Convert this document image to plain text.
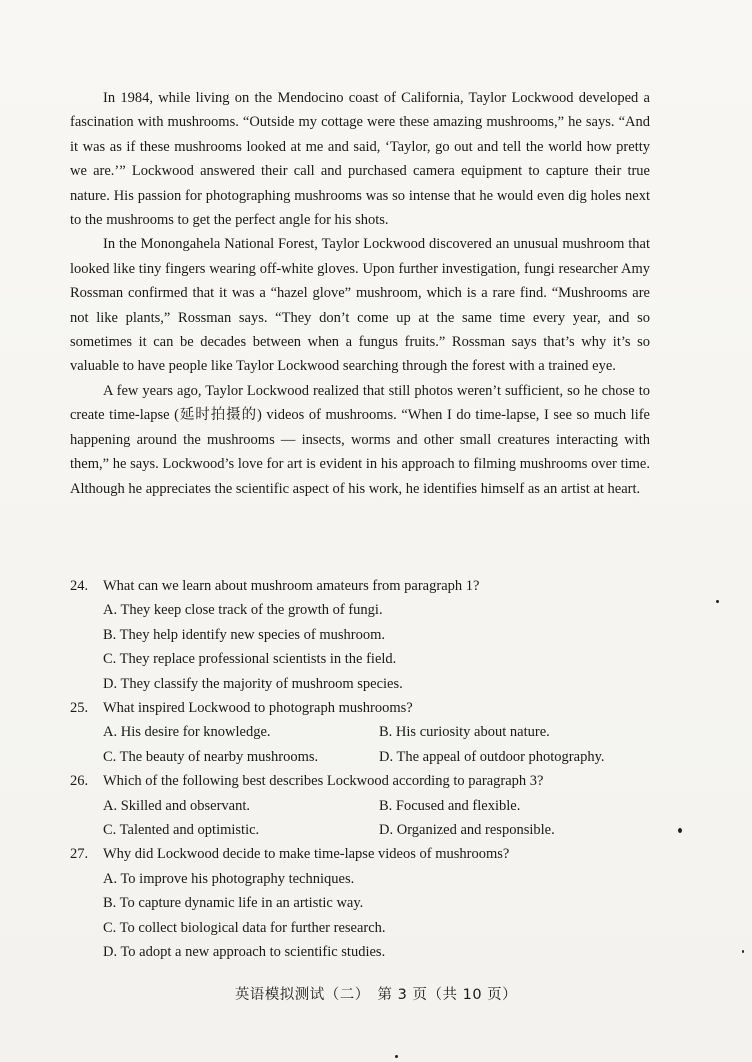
In 1984, while living on the Mendocino coast of California, Taylor Lockwood developed a fascination with mushrooms. “Outside my cottage were these amazing mushrooms,” he says. “And it was as if these mushrooms looked at me and said, ‘Taylor, go out and tell the world how pretty we are.’” Lockwood answered their call and purchased camera equipment to capture their true nature. His passion for photographing mushrooms was so intense that he would even dig holes next to the mushrooms to get the perfect angle for his shots.

In the Monongahela National Forest, Taylor Lockwood discovered an unusual mushroom that looked like tiny fingers wearing off-white gloves. Upon further investigation, fungi researcher Amy Rossman confirmed that it was a “hazel glove” mushroom, which is a rare find. “Mushrooms are not like plants,” Rossman says. “They don’t come up at the same time every year, and so sometimes it can be decades between when a fungus fruits.” Rossman says that’s why it’s so valuable to have people like Taylor Lockwood searching through the forest with a trained eye.

A few years ago, Taylor Lockwood realized that still photos weren’t sufficient, so he chose to create time-lapse (延时拍摄的) videos of mushrooms. “When I do time-lapse, I see so much life happening around the mushrooms — insects, worms and other small creatures interacting with them,” he says. Lockwood’s love for art is evident in his approach to filming mushrooms over time. Although he appreciates the scientific aspect of his work, he identifies himself as an artist at heart.

24.	What can we learn about mushroom amateurs from paragraph 1?
A. They keep close track of the growth of fungi.
B. They help identify new species of mushroom.
C. They replace professional scientists in the field.
D. They classify the majority of mushroom species.
25.	What inspired Lockwood to photograph mushrooms?
A. His desire for knowledge.	B. His curiosity about nature.
C. The beauty of nearby mushrooms.	D. The appeal of outdoor photography.
26.	Which of the following best describes Lockwood according to paragraph 3?
A. Skilled and observant.	B. Focused and flexible.
C. Talented and optimistic.	D. Organized and responsible.
27.	Why did Lockwood decide to make time-lapse videos of mushrooms?
A. To improve his photography techniques.
B. To capture dynamic life in an artistic way.
C. To collect biological data for further research.
D. To adopt a new approach to scientific studies.
英语模拟测试（二）　第 3 页（共 10 页）
